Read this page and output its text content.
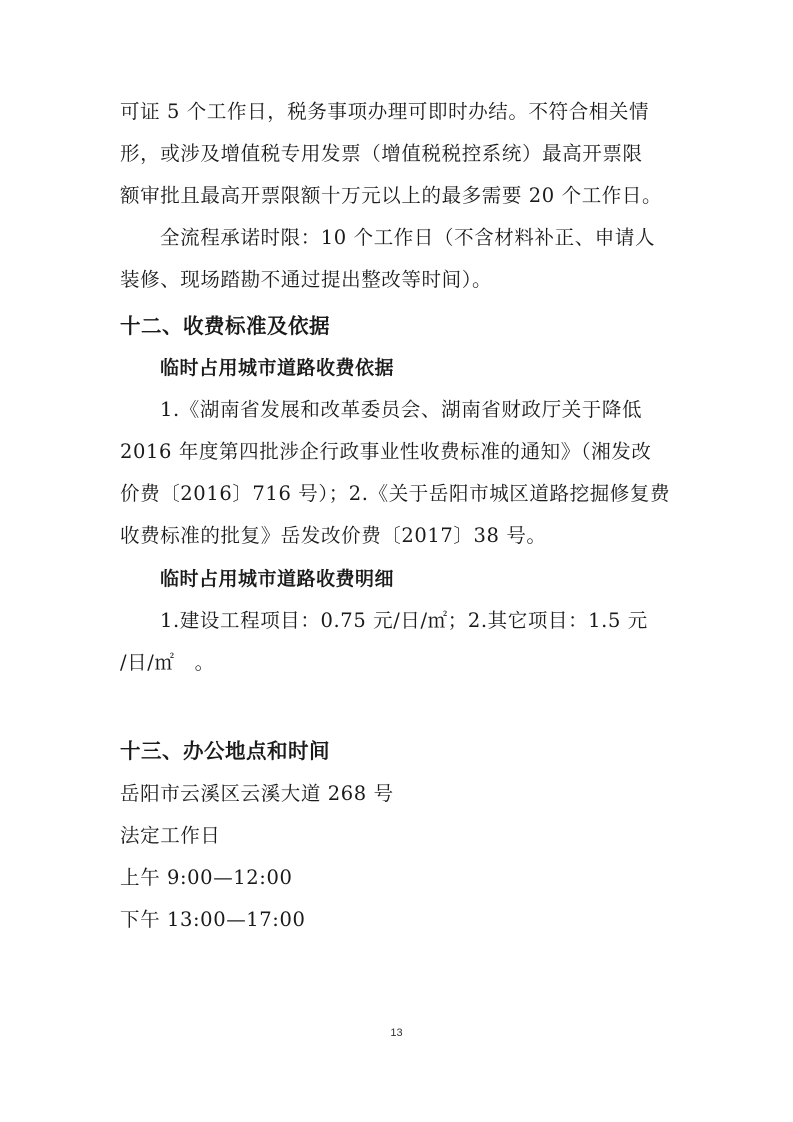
可证 5 个工作日，税务事项办理可即时办结。不符合相关情
形，或涉及增值税专用发票（增值税税控系统）最高开票限
额审批且最高开票限额十万元以上的最多需要 20 个工作日。
全流程承诺时限：10 个工作日（不含材料补正、申请人
装修、现场踏勘不通过提出整改等时间）。
十二、收费标准及依据
临时占用城市道路收费依据
1.《湖南省发展和改革委员会、湖南省财政厅关于降低
2016 年度第四批涉企行政事业性收费标准的通知》（湘发改
价费〔2016〕716 号）；2.《关于岳阳市城区道路挖掘修复费
收费标准的批复》岳发改价费〔2017〕38 号。
临时占用城市道路收费明细
1.建设工程项目：0.75 元/日/㎡；2.其它项目：1.5 元
/日/㎡　。
十三、办公地点和时间
岳阳市云溪区云溪大道 268 号
法定工作日
上午 9:00—12:00
下午 13:00—17:00
13
